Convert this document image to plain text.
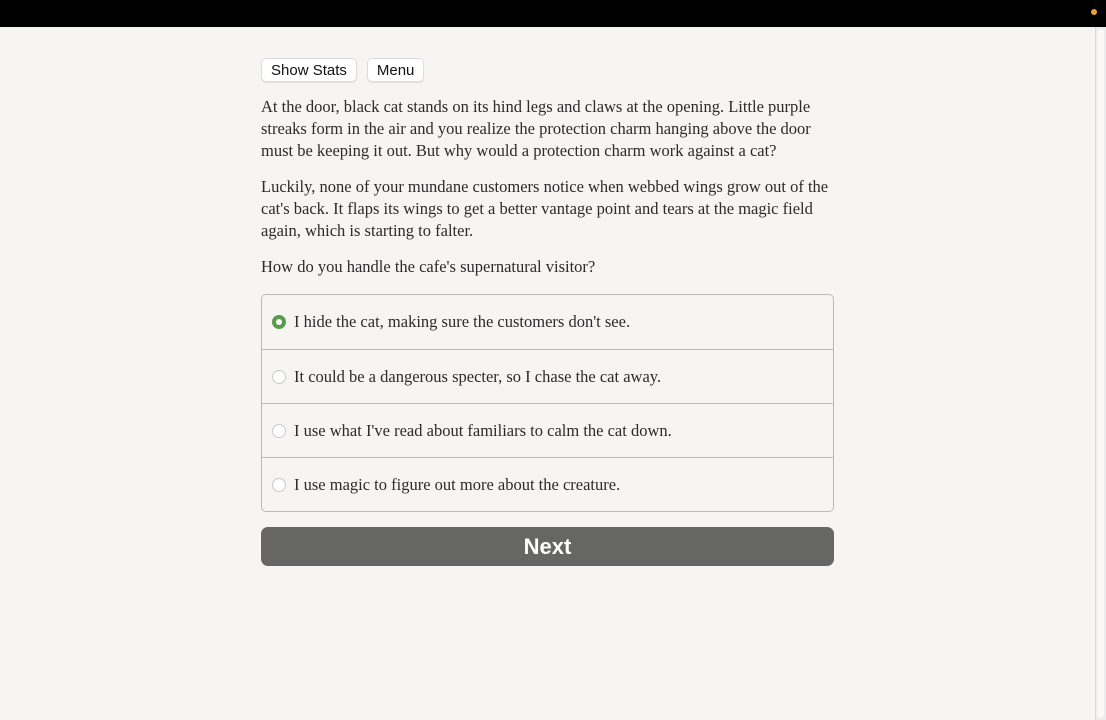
Show Stats	Menu

At the door, black cat stands on its hind legs and claws at the opening. Little purple streaks form in the air and you realize the protection charm hanging above the door must be keeping it out. But why would a protection charm work against a cat?

Luckily, none of your mundane customers notice when webbed wings grow out of the cat's back. It flaps its wings to get a better vantage point and tears at the magic field again, which is starting to falter.

How do you handle the cafe's supernatural visitor?

I hide the cat, making sure the customers don't see.
It could be a dangerous specter, so I chase the cat away.
I use what I've read about familiars to calm the cat down.
I use magic to figure out more about the creature.
Next
